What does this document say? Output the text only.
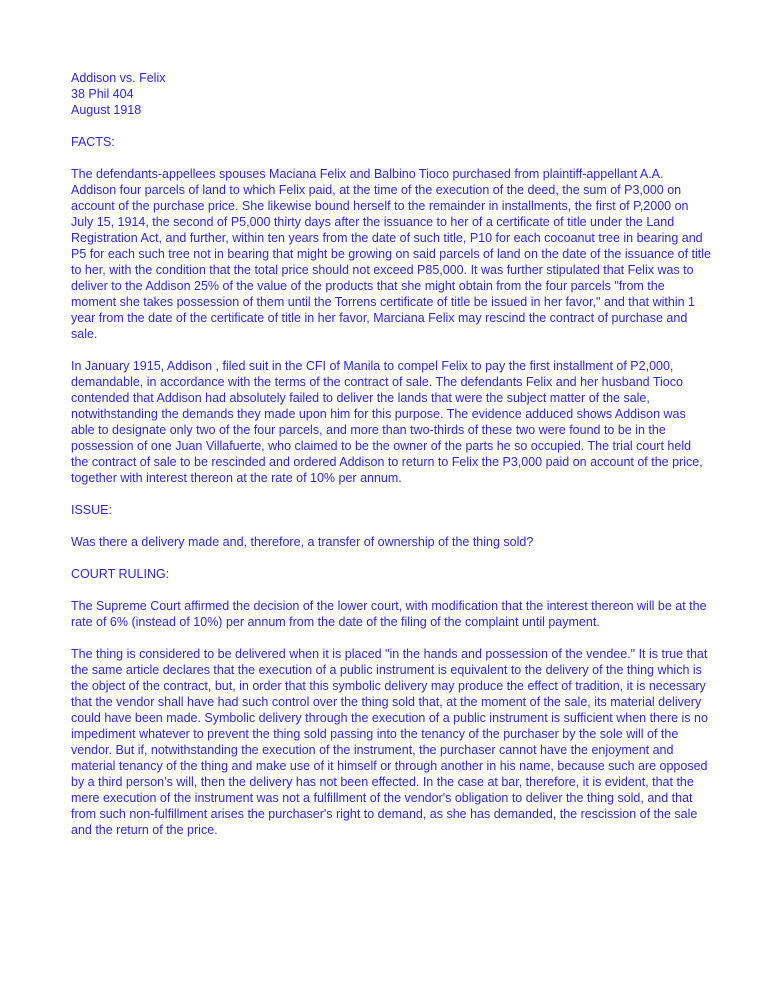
Addison vs. Felix
38 Phil 404
August 1918
FACTS:

The defendants-appellees spouses Maciana Felix and Balbino Tioco purchased from plaintiff-appellant A.A. Addison four parcels of land to which Felix paid, at the time of the execution of the deed, the sum of P3,000 on account of the purchase price. She likewise bound herself to the remainder in installments, the first of P,2000 on July 15, 1914, the second of P5,000 thirty days after the issuance to her of a certificate of title under the Land Registration Act, and further, within ten years from the date of such title, P10 for each cocoanut tree in bearing and P5 for each such tree not in bearing that might be growing on said parcels of land on the date of the issuance of title to her, with the condition that the total price should not exceed P85,000. It was further stipulated that Felix was to deliver to the Addison 25% of the value of the products that she might obtain from the four parcels "from the moment she takes possession of them until the Torrens certificate of title be issued in her favor," and that within 1 year from the date of the certificate of title in her favor, Marciana Felix may rescind the contract of purchase and sale.

In January 1915, Addison , filed suit in the CFI of Manila to compel Felix to pay the first installment of P2,000, demandable, in accordance with the terms of the contract of sale. The defendants Felix and her husband Tioco contended that Addison had absolutely failed to deliver the lands that were the subject matter of the sale, notwithstanding the demands they made upon him for this purpose. The evidence adduced shows Addison was able to designate only two of the four parcels, and more than two-thirds of these two were found to be in the possession of one Juan Villafuerte, who claimed to be the owner of the parts he so occupied. The trial court held the contract of sale to be rescinded and ordered Addison to return to Felix the P3,000 paid on account of the price, together with interest thereon at the rate of 10% per annum.

ISSUE:

Was there a delivery made and, therefore, a transfer of ownership of the thing sold?

COURT RULING:

The Supreme Court affirmed the decision of the lower court, with modification that the interest thereon will be at the rate of 6% (instead of 10%) per annum from the date of the filing of the complaint until payment.

The thing is considered to be delivered when it is placed "in the hands and possession of the vendee." It is true that the same article declares that the execution of a public instrument is equivalent to the delivery of the thing which is the object of the contract, but, in order that this symbolic delivery may produce the effect of tradition, it is necessary that the vendor shall have had such control over the thing sold that, at the moment of the sale, its material delivery could have been made. Symbolic delivery through the execution of a public instrument is sufficient when there is no impediment whatever to prevent the thing sold passing into the tenancy of the purchaser by the sole will of the vendor. But if, notwithstanding the execution of the instrument, the purchaser cannot have the enjoyment and material tenancy of the thing and make use of it himself or through another in his name, because such are opposed by a third person’s will, then the delivery has not been effected. In the case at bar, therefore, it is evident, that the mere execution of the instrument was not a fulfillment of the vendor's obligation to deliver the thing sold, and that from such non-fulfillment arises the purchaser's right to demand, as she has demanded, the rescission of the sale and the return of the price.
